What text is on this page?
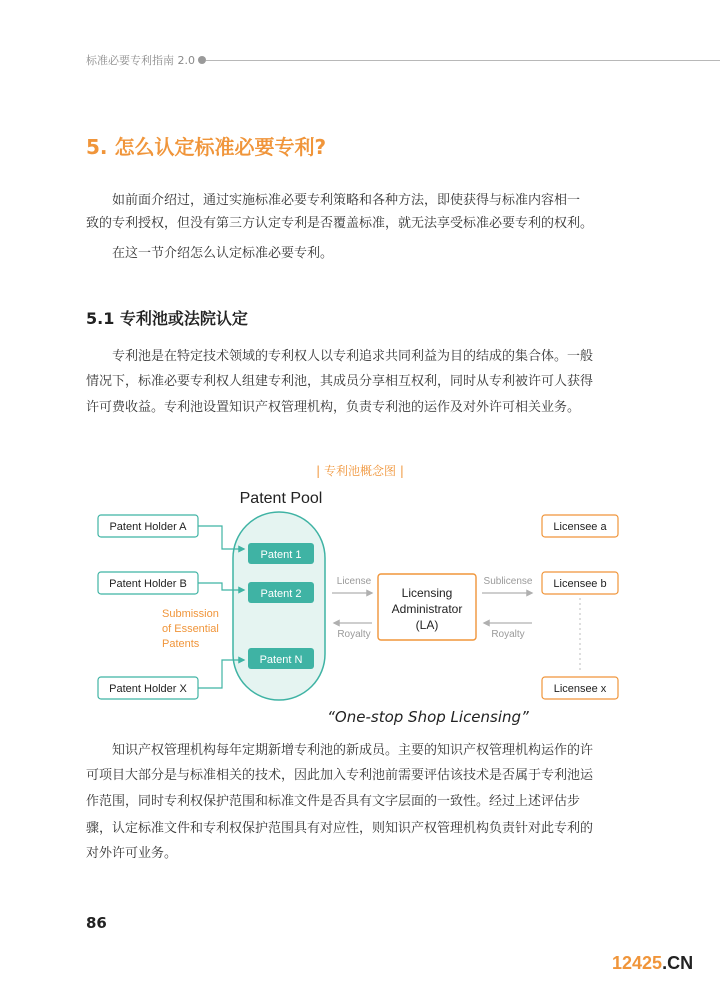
标准必要专利指南 2.0
5. 怎么认定标准必要专利?
如前面介绍过，通过实施标准必要专利策略和各种方法，即使获得与标准内容相一
致的专利授权，但没有第三方认定专利是否覆盖标准，就无法享受标准必要专利的权利。
在这一节介绍怎么认定标准必要专利。
5.1 专利池或法院认定
专利池是在特定技术领域的专利权人以专利追求共同利益为目的结成的集合体。一般
情况下，标准必要专利权人组建专利池，其成员分享相互权利，同时从专利被许可人获得
许可费收益。专利池设置知识产权管理机构，负责专利池的运作及对外许可相关业务。
| 专利池概念图 |
Patent Pool
Patent Holder A
Patent Holder B
Patent Holder X
Submission
of Essential
Patents
Patent 1
Patent 2
Patent N
License
Royalty
Licensing
Administrator
(LA)
Sublicense
Royalty
Licensee a
Licensee b
Licensee x
“One-stop Shop Licensing”
知识产权管理机构每年定期新增专利池的新成员。主要的知识产权管理机构运作的许
可项目大部分是与标准相关的技术，因此加入专利池前需要评估该技术是否属于专利池运
作范围，同时专利权保护范围和标准文件是否具有文字层面的一致性。经过上述评估步
骤，认定标准文件和专利权保护范围具有对应性，则知识产权管理机构负责针对此专利的
对外许可业务。
86
12425.CN
